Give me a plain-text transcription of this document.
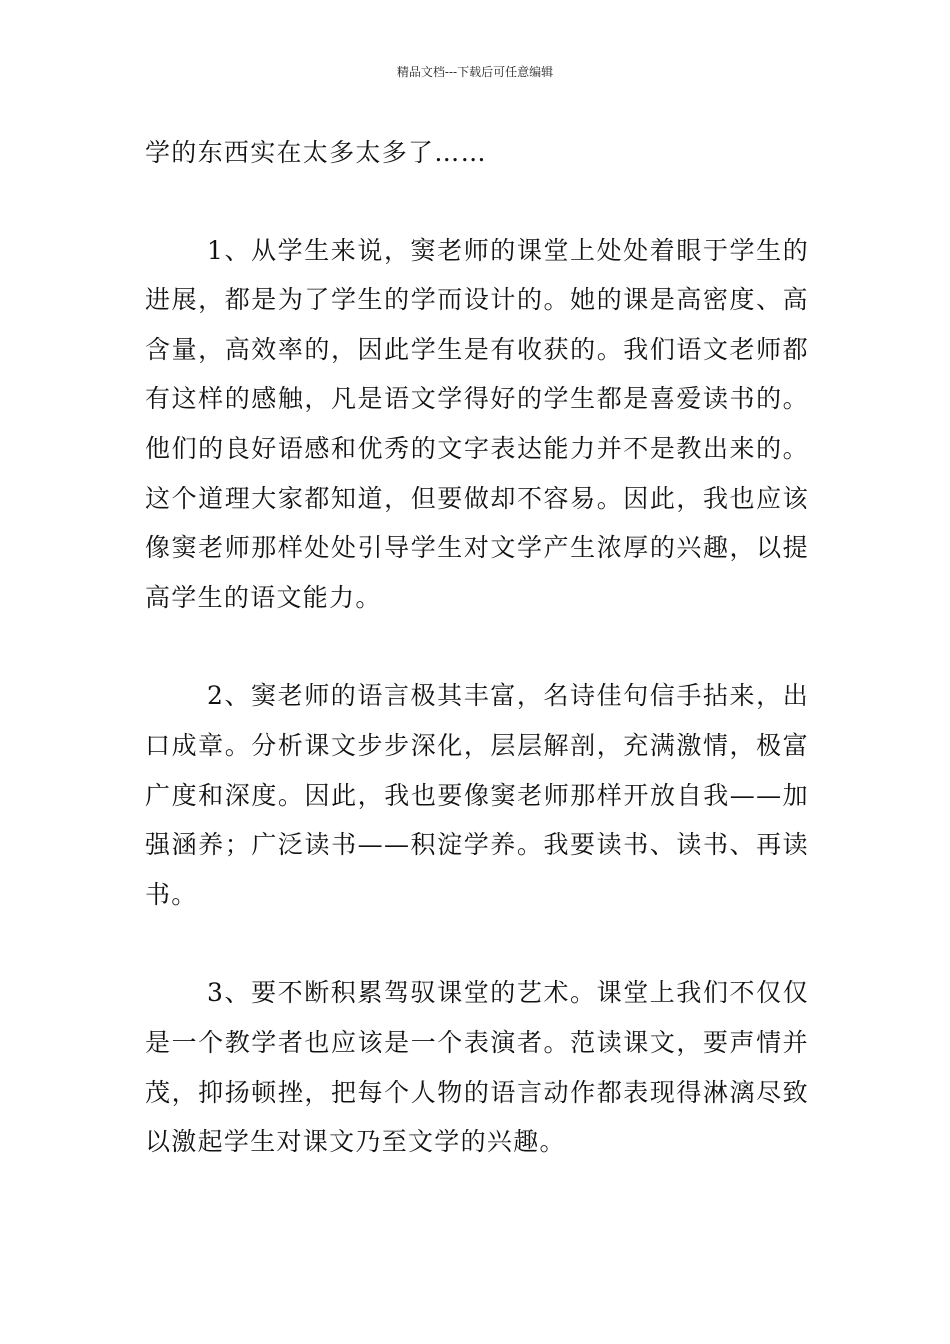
精品文档---下载后可任意编辑

学的东西实在太多太多了……

1、从学生来说，窦老师的课堂上处处着眼于学生的进展，都是为了学生的学而设计的。她的课是高密度、高含量，高效率的，因此学生是有收获的。我们语文老师都有这样的感触，凡是语文学得好的学生都是喜爱读书的。他们的良好语感和优秀的文字表达能力并不是教出来的。这个道理大家都知道，但要做却不容易。因此，我也应该像窦老师那样处处引导学生对文学产生浓厚的兴趣，以提高学生的语文能力。

2、窦老师的语言极其丰富，名诗佳句信手拈来，出口成章。分析课文步步深化，层层解剖，充满激情，极富广度和深度。因此，我也要像窦老师那样开放自我——加强涵养；广泛读书——积淀学养。我要读书、读书、再读书。

3、要不断积累驾驭课堂的艺术。课堂上我们不仅仅是一个教学者也应该是一个表演者。范读课文，要声情并茂，抑扬顿挫，把每个人物的语言动作都表现得淋漓尽致以激起学生对课文乃至文学的兴趣。
